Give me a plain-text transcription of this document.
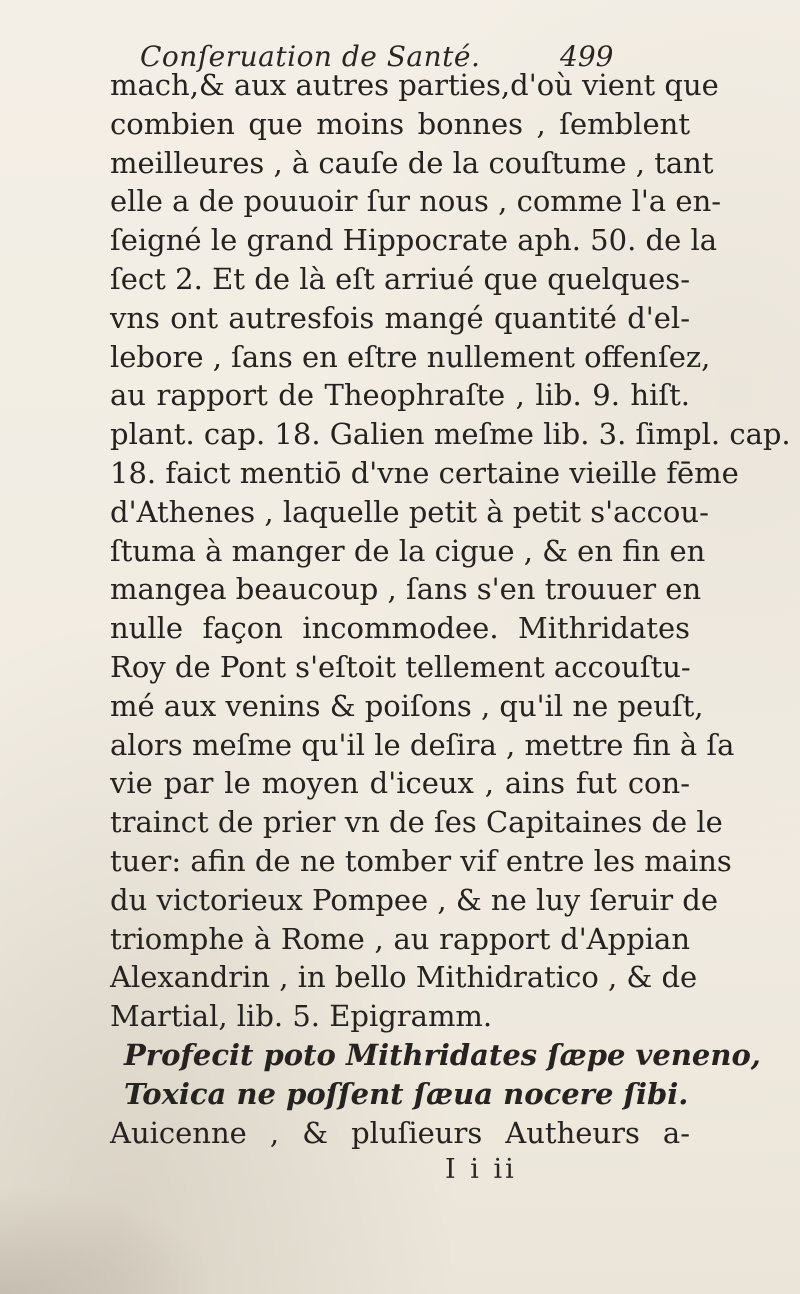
Conſeruation de Santé.	499
mach,& aux autres parties,d'où vient que
combien que moins bonnes , ſemblent
meilleures , à cauſe de la couſtume , tant
elle a de pouuoir ſur nous , comme l'a en-
ſeigné le grand Hippocrate aph. 50. de la
ſect 2. Et de là eſt arriué que quelques-
vns ont autresfois mangé quantité d'el-
lebore , ſans en eſtre nullement offenſez,
au rapport de Theophraſte , lib. 9. hiſt.
plant. cap. 18. Galien meſme lib. 3. ſimpl. cap.
18. faict mentiō d'vne certaine vieille fēme
d'Athenes , laquelle petit à petit s'accou-
ſtuma à manger de la cigue , & en fin en
mangea beaucoup , ſans s'en trouuer en
nulle façon incommodee. Mithridates
Roy de Pont s'eſtoit tellement accouſtu-
mé aux venins & poiſons , qu'il ne peuſt,
alors meſme qu'il le deſira , mettre fin à ſa
vie par le moyen d'iceux , ains fut con-
trainct de prier vn de ſes Capitaines de le
tuer: afin de ne tomber vif entre les mains
du victorieux Pompee , & ne luy ſeruir de
triomphe à Rome , au rapport d'Appian
Alexandrin , in bello Mithidratico , & de
Martial, lib. 5. Epigramm.
Profecit poto Mithridates ſæpe veneno,
Toxica ne poſſent ſæua nocere ſibi.
Auicenne , & pluſieurs Autheurs a-
I i ii
